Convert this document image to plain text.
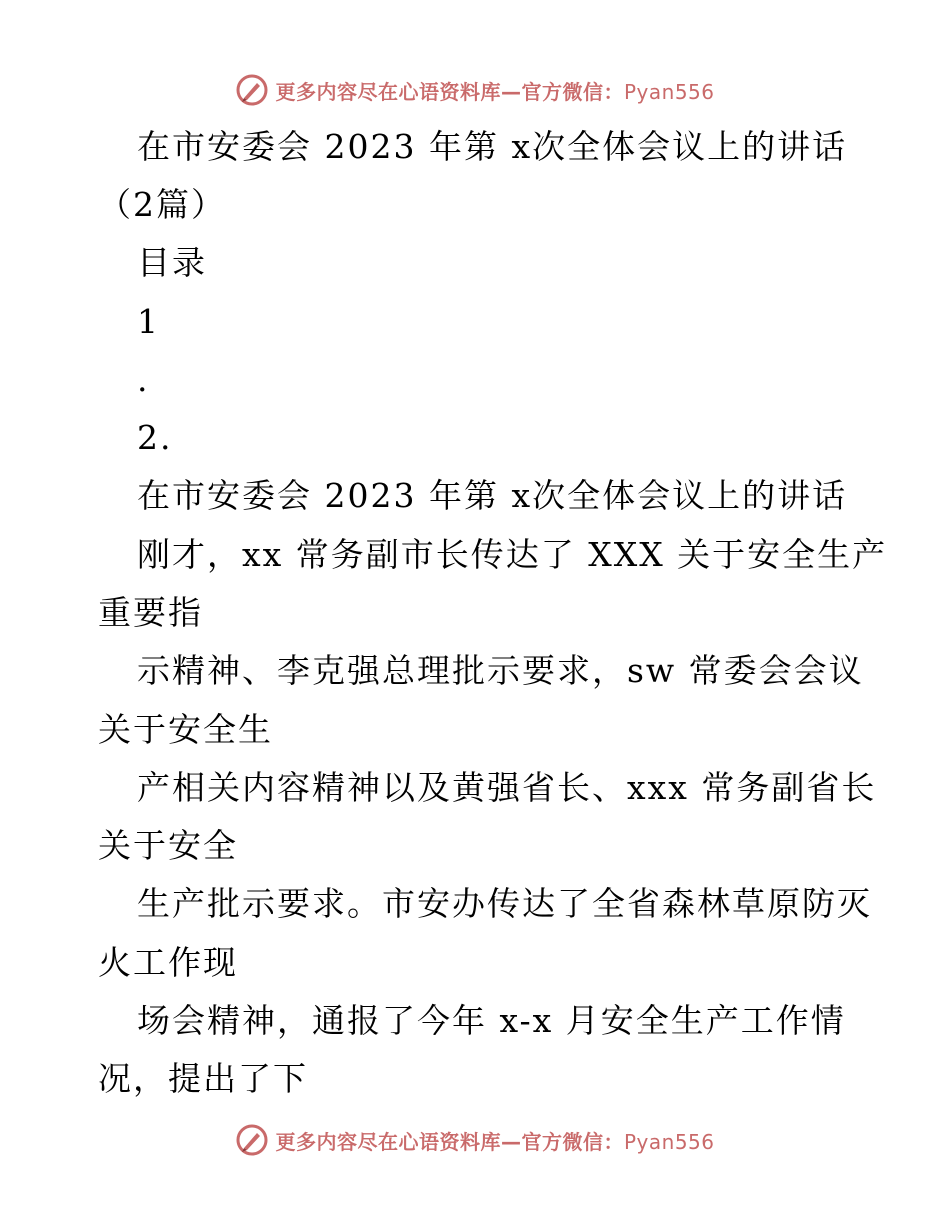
更多内容尽在心语资料库—官方微信：Pyan556
在市安委会 2023 年第 x次全体会议上的讲话
（2篇）
目录
1
.
2.
在市安委会 2023 年第 x次全体会议上的讲话
刚才，xx 常务副市长传达了 XXX 关于安全生产
重要指
示精神、李克强总理批示要求，sw 常委会会议
关于安全生
产相关内容精神以及黄强省长、xxx 常务副省长
关于安全
生产批示要求。市安办传达了全省森林草原防灭
火工作现
场会精神，通报了今年 x-x 月安全生产工作情
况，提出了下
更多内容尽在心语资料库—官方微信：Pyan556
